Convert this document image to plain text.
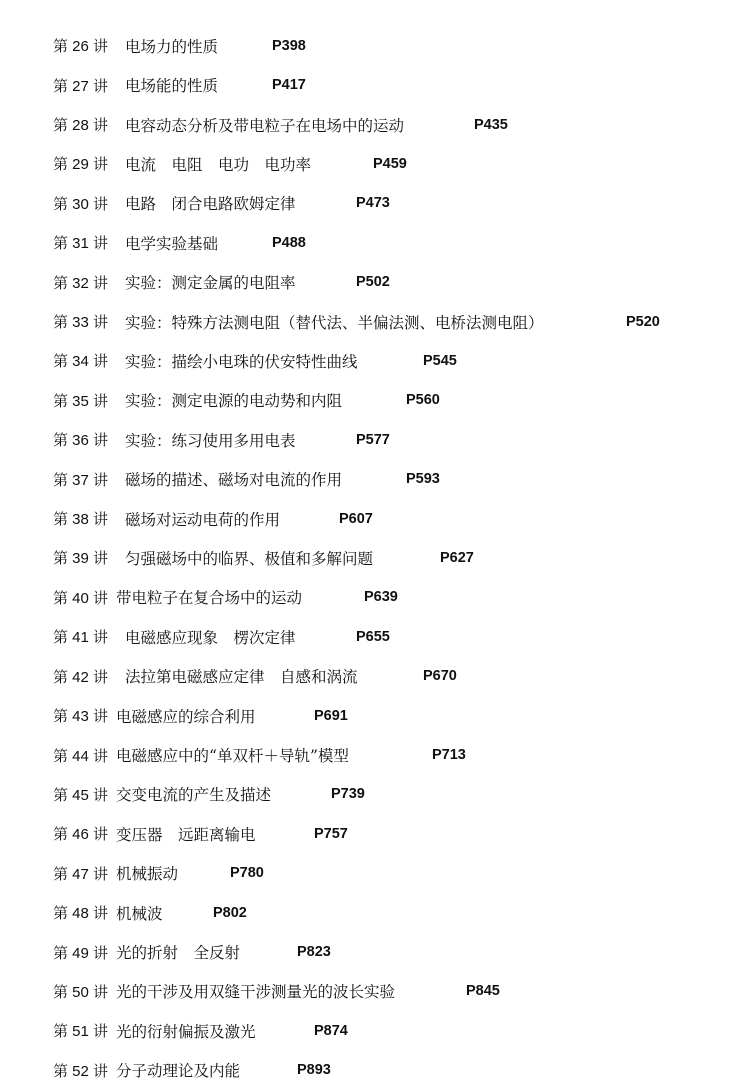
第 26 讲 电场力的性质	P398
第 27 讲 电场能的性质	P417
第 28 讲 电容动态分析及带电粒子在电场中的运动	P435
第 29 讲 电流　电阻　电功　电功率	P459
第 30 讲 电路　闭合电路欧姆定律	P473
第 31 讲 电学实验基础	P488
第 32 讲 实验：测定金属的电阻率	P502
第 33 讲 实验：特殊方法测电阻（替代法、半偏法测、电桥法测电阻）	P520
第 34 讲 实验：描绘小电珠的伏安特性曲线	P545
第 35 讲 实验：测定电源的电动势和内阻	P560
第 36 讲 实验：练习使用多用电表	P577
第 37 讲 磁场的描述、磁场对电流的作用	P593
第 38 讲 磁场对运动电荷的作用	P607
第 39 讲 匀强磁场中的临界、极值和多解问题	P627
第 40 讲 带电粒子在复合场中的运动	P639
第 41 讲 电磁感应现象　楞次定律	P655
第 42 讲 法拉第电磁感应定律　自感和涡流	P670
第 43 讲 电磁感应的综合利用	P691
第 44 讲 电磁感应中的“单双杆＋导轨”模型	P713
第 45 讲 交变电流的产生及描述	P739
第 46 讲 变压器　远距离输电	P757
第 47 讲 机械振动	P780
第 48 讲 机械波	P802
第 49 讲 光的折射　全反射	P823
第 50 讲 光的干涉及用双缝干涉测量光的波长实验	P845
第 51 讲 光的衍射偏振及激光	P874
第 52 讲 分子动理论及内能	P893
